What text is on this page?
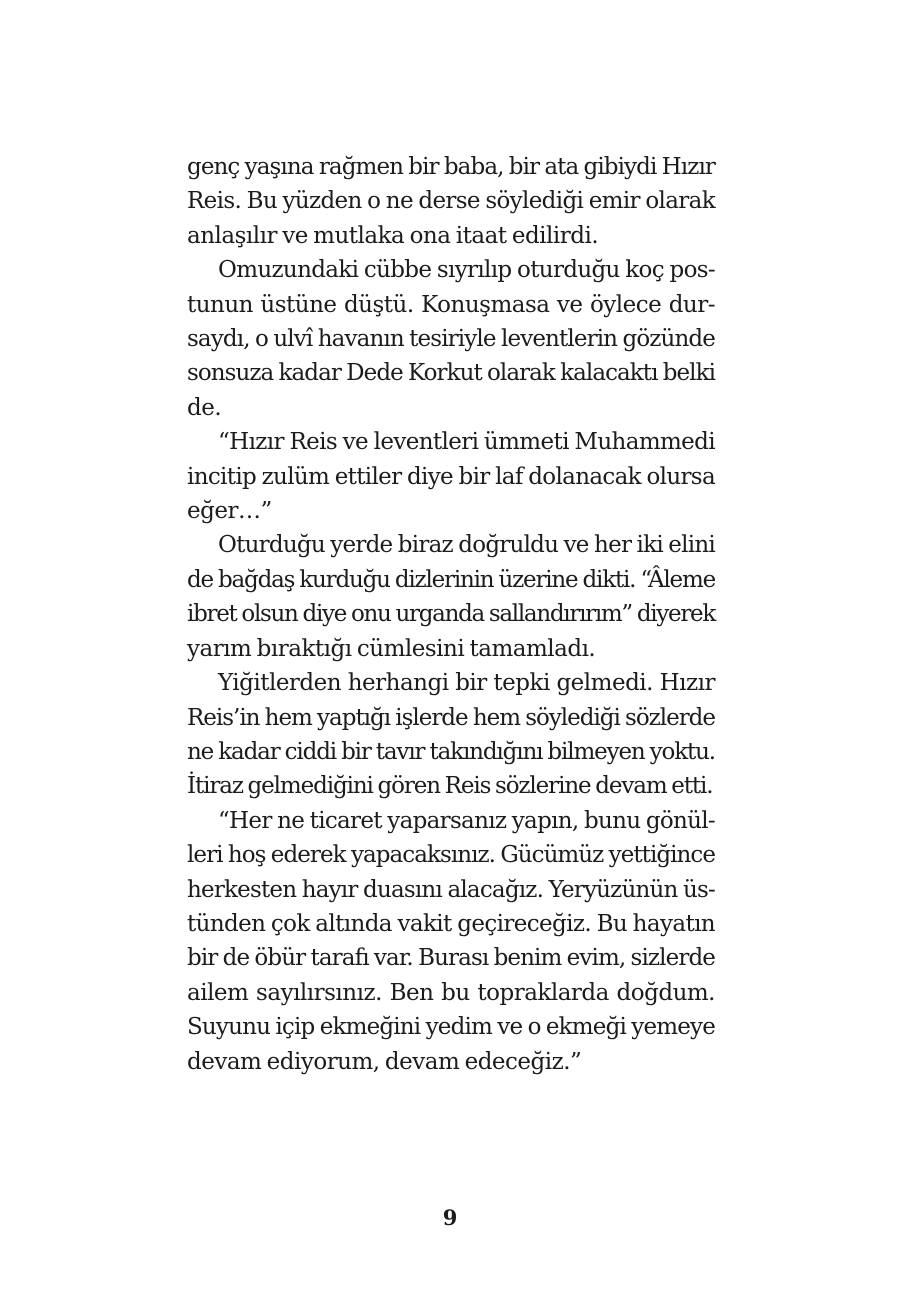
genç yaşına rağmen bir baba, bir ata gibiydi Hızır
Reis. Bu yüzden o ne derse söylediği emir olarak
anlaşılır ve mutlaka ona itaat edilirdi.
Omuzundaki cübbe sıyrılıp oturduğu koç pos-
tunun üstüne düştü. Konuşmasa ve öylece dur-
saydı, o ulvî havanın tesiriyle leventlerin gözünde
sonsuza kadar Dede Korkut olarak kalacaktı belki
de.
“Hızır Reis ve leventleri ümmeti Muhammedi
incitip zulüm ettiler diye bir laf dolanacak olursa
eğer…”
Oturduğu yerde biraz doğruldu ve her iki elini
de bağdaş kurduğu dizlerinin üzerine dikti. “Âleme
ibret olsun diye onu urganda sallandırırım” diyerek
yarım bıraktığı cümlesini tamamladı.
Yiğitlerden herhangi bir tepki gelmedi. Hızır
Reis’in hem yaptığı işlerde hem söylediği sözlerde
ne kadar ciddi bir tavır takındığını bilmeyen yoktu.
İtiraz gelmediğini gören Reis sözlerine devam etti.
“Her ne ticaret yaparsanız yapın, bunu gönül-
leri hoş ederek yapacaksınız. Gücümüz yettiğince
herkesten hayır duasını alacağız. Yeryüzünün üs-
tünden çok altında vakit geçireceğiz. Bu hayatın
bir de öbür tarafı var. Burası benim evim, sizlerde
ailem sayılırsınız. Ben bu topraklarda doğdum.
Suyunu içip ekmeğini yedim ve o ekmeği yemeye
devam ediyorum, devam edeceğiz.”
9
